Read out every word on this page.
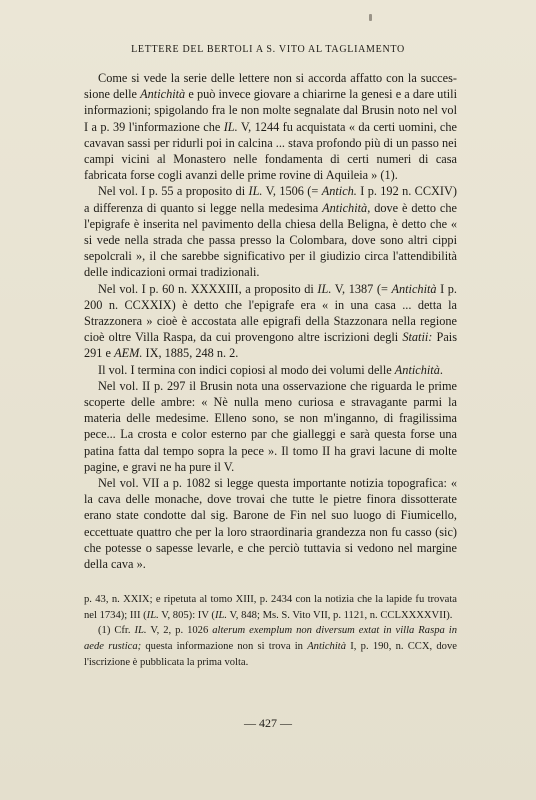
LETTERE DEL BERTOLI A S. VITO AL TAGLIAMENTO

Come si vede la serie delle lettere non si accorda affatto con la successione delle Antichità e può invece giovare a chiarirne la genesi e a dare utili informazioni; spigolando fra le non molte segnalate dal Brusin noto nel vol I a p. 39 l'informazione che IL. V, 1244 fu acquistata « da certi uomini, che cavavan sassi per ridurli poi in calcina ... stava profondo più di un passo nei campi vicini al Monastero nelle fondamenta di certi numeri di casa fabricata forse cogli avanzi delle prime rovine di Aquileia » (1).

Nel vol. I p. 55 a proposito di IL. V, 1506 (= Antich. I p. 192 n. CCXIV) a differenza di quanto si legge nella medesima Antichità, dove è detto che l'epigrafe è inserita nel pavimento della chiesa della Beligna, è detto che « si vede nella strada che passa presso la Colombara, dove sono altri cippi sepolcrali », il che sarebbe significativo per il giudizio circa l'attendibilità delle indicazioni ormai tradizionali.

Nel vol. I p. 60 n. XXXXIII, a proposito di IL. V, 1387 (= Antichità I p. 200 n. CCXXIX) è detto che l'epigrafe era « in una casa ... detta la Strazzonera » cioè è accostata alle epigrafi della Stazzonara nella regione cioè oltre Villa Raspa, da cui provengono altre iscrizioni degli Statii: Pais 291 e AEM. IX, 1885, 248 n. 2.

Il vol. I termina con indici copiosi al modo dei volumi delle Antichità.

Nel vol. II p. 297 il Brusin nota una osservazione che riguarda le prime scoperte delle ambre: « Nè nulla meno curiosa e stravagante parmi la materia delle medesime. Elleno sono, se non m'inganno, di fragilissima pece... La crosta e color esterno par che gialleggi e sarà questa forse una patina fatta dal tempo sopra la pece ». Il tomo II ha gravi lacune di molte pagine, e gravi ne ha pure il V.

Nel vol. VII a p. 1082 si legge questa importante notizia topografica: « la cava delle monache, dove trovai che tutte le pietre finora dissotterate erano state condotte dal sig. Barone de Fin nel suo luogo di Fiumicello, eccettuate quattro che per la loro straordinaria grandezza non fu casso (sic) che potesse o sapesse levarle, e che perciò tuttavia si vedono nel margine della cava ».

p. 43, n. XXIX; e ripetuta al tomo XIII, p. 2434 con la notizia che la lapide fu trovata nel 1734); III (IL. V, 805): IV (IL. V, 848; Ms. S. Vito VII, p. 1121, n. CCLXXXXVII).

(1) Cfr. IL. V, 2, p. 1026 alterum exemplum non diversum extat in villa Raspa in aede rustica; questa informazione non si trova in Antichità I, p. 190, n. CCX, dove l'iscrizione è pubblicata la prima volta.

— 427 —
